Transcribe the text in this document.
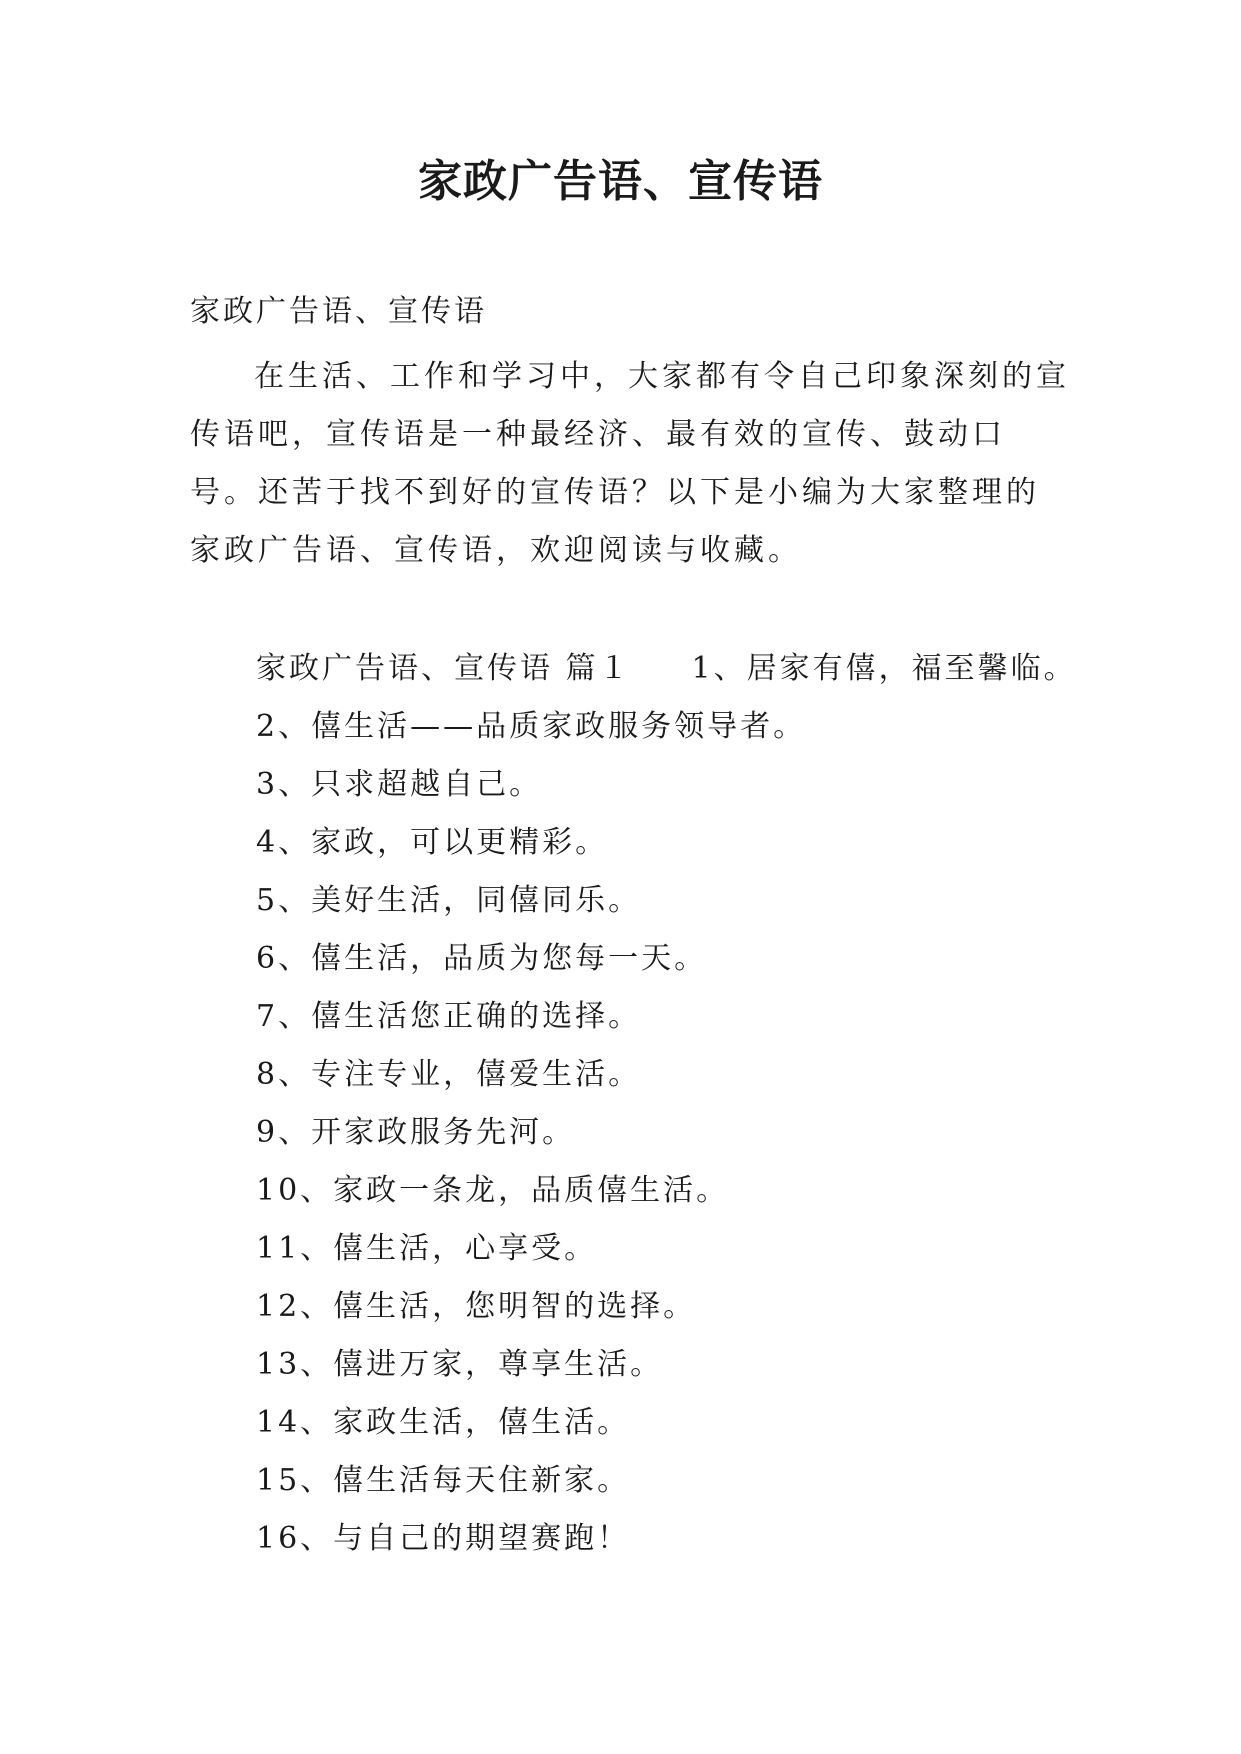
家政广告语、宣传语

家政广告语、宣传语

在生活、工作和学习中，大家都有令自己印象深刻的宣传语吧，宣传语是一种最经济、最有效的宣传、鼓动口号。还苦于找不到好的宣传语？以下是小编为大家整理的家政广告语、宣传语，欢迎阅读与收藏。

家政广告语、宣传语 篇１ 1、居家有僖，福至馨临。
2、僖生活——品质家政服务领导者。
3、只求超越自己。
4、家政，可以更精彩。
5、美好生活，同僖同乐。
6、僖生活，品质为您每一天。
7、僖生活您正确的选择。
8、专注专业，僖爱生活。
9、开家政服务先河。
10、家政一条龙，品质僖生活。
11、僖生活，心享受。
12、僖生活，您明智的选择。
13、僖进万家，尊享生活。
14、家政生活，僖生活。
15、僖生活每天住新家。
16、与自己的期望赛跑！
